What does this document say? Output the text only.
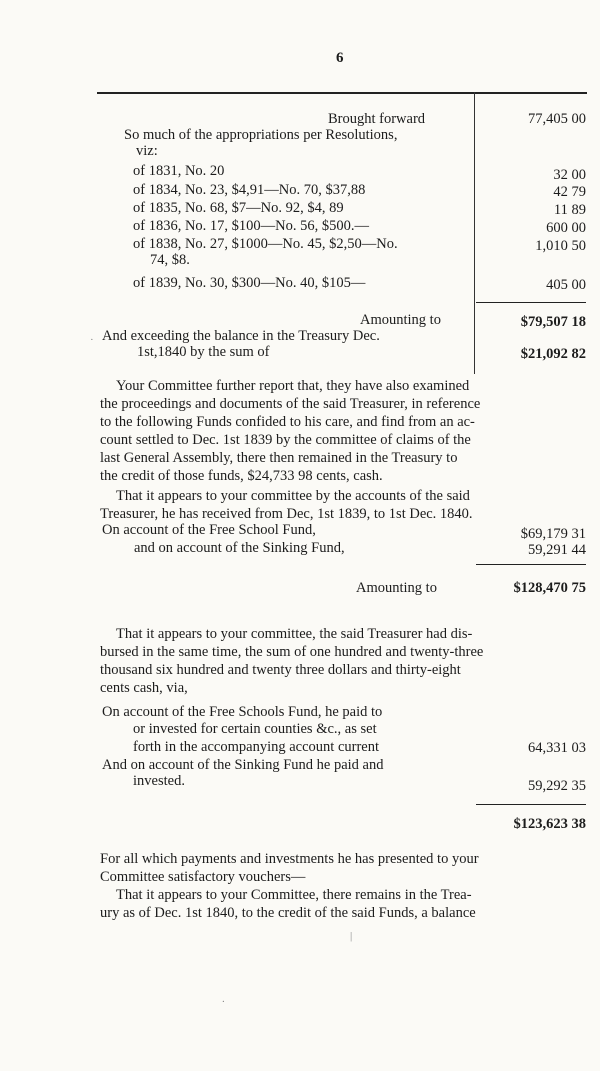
6
Brought forward	77,405 00
So much of the appropriations per Resolutions,
viz:
of 1831, No. 20	32 00
of 1834, No. 23, $4,91—No. 70, $37,88	42 79
of 1835, No. 68, $7—No. 92, $4, 89	11 89
of 1836, No. 17, $100—No. 56, $500.—	600 00
of 1838, No. 27, $1000—No. 45, $2,50—No.	1,010 50
74, $8.
of 1839, No. 30, $300—No. 40, $105—	405 00
Amounting to	$79,507 18
And exceeding the balance in the Treasury Dec.
1st,1840 by the sum of	$21,092 82

Your Committee further report that, they have also examined

the proceedings and documents of the said Treasurer, in reference
to the following Funds confided to his care, and find from an ac-
count settled to Dec. 1st 1839 by the committee of claims of the
last General Assembly, there then remained in the Treasury to
the credit of those funds, $24,733 98 cents, cash.

That it appears to your committee by the accounts of the said

Treasurer, he has received from Dec, 1st 1839, to 1st Dec. 1840.
On account of the Free School Fund,	$69,179 31
and on account of the Sinking Fund,	59,291 44
Amounting to	$128,470 75

That it appears to your committee, the said Treasurer had dis-

bursed in the same time, the sum of one hundred and twenty-three
thousand six hundred and twenty three dollars and thirty-eight
cents cash, via,
On account of the Free Schools Fund, he paid to
or invested for certain counties &c., as set
forth in the accompanying account current	64,331 03
And on account of the Sinking Fund he paid and
invested.	59,292 35
$123,623 38
For all which payments and investments he has presented to your
Committee satisfactory vouchers—

That it appears to your Committee, there remains in the Trea-

ury as of Dec. 1st 1840, to the credit of the said Funds, a balance
|
.
·
